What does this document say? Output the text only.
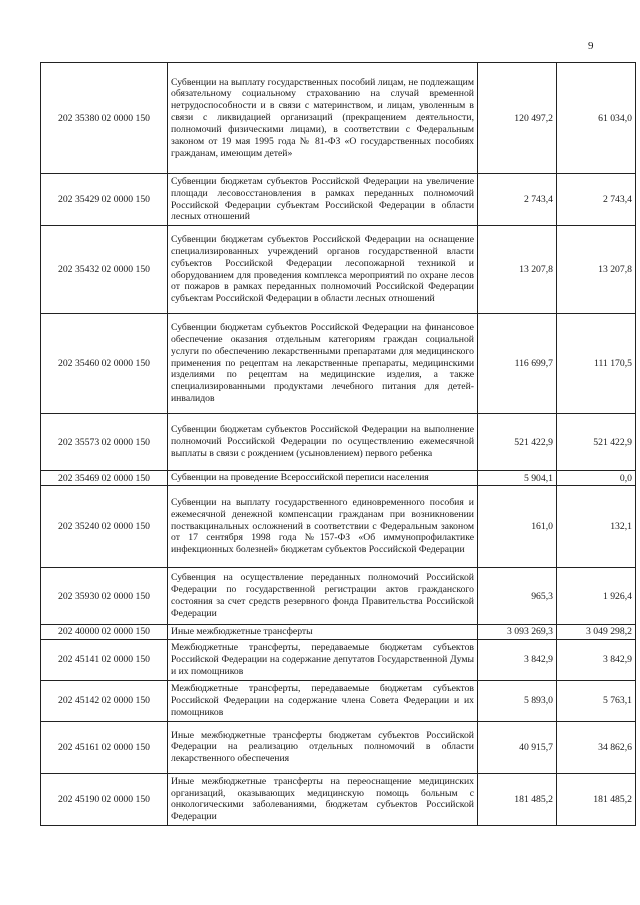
9
202 35380 02 0000 150	Субвенции на выплату государственных пособий лицам, не подлежащим обязательному социальному страхованию на случай временной нетрудоспособности и в связи с материнством, и лицам, уволенным в связи с ликвидацией организаций (прекращением деятельности, полномочий физическими лицами), в соответствии с Федеральным законом от 19 мая 1995 года № 81-ФЗ «О государственных пособиях гражданам, имеющим детей»	120 497,2	61 034,0
202 35429 02 0000 150	Субвенции бюджетам субъектов Российской Федерации на увеличение площади лесовосстановления в рамках переданных полномочий Российской Федерации субъектам Российской Федерации в области лесных отношений	2 743,4	2 743,4
202 35432 02 0000 150	Субвенции бюджетам субъектов Российской Федерации на оснащение специализированных учреждений органов государственной власти субъектов Российской Федерации лесопожарной техникой и оборудованием для проведения комплекса мероприятий по охране лесов от пожаров в рамках переданных полномочий Российской Федерации субъектам Российской Федерации в области лесных отношений	13 207,8	13 207,8
202 35460 02 0000 150	Субвенции бюджетам субъектов Российской Федерации на финансовое обеспечение оказания отдельным категориям граждан социальной услуги по обеспечению лекарственными препаратами для медицинского применения по рецептам на лекарственные препараты, медицинскими изделиями по рецептам на медицинские изделия, а также специализированными продуктами лечебного питания для детей-инвалидов	116 699,7	111 170,5
202 35573 02 0000 150	Субвенции бюджетам субъектов Российской Федерации на выполнение полномочий Российской Федерации по осуществлению ежемесячной выплаты в связи с рождением (усыновлением) первого ребенка	521 422,9	521 422,9
202 35469 02 0000 150	Субвенции на проведение Всероссийской переписи населения	5 904,1	0,0
202 35240 02 0000 150	Субвенции на выплату государственного единовременного пособия и ежемесячной денежной компенсации гражданам при возникновении поствакцинальных осложнений в соответствии с Федеральным законом от 17 сентября 1998 года №157-ФЗ «Об иммунопрофилактике инфекционных болезней» бюджетам субъектов Российской Федерации	161,0	132,1
202 35930 02 0000 150	Субвенция на осуществление переданных полномочий Российской Федерации по государственной регистрации актов гражданского состояния за счет средств резервного фонда Правительства Российской Федерации	965,3	1 926,4
202 40000 02 0000 150	Иные межбюджетные трансферты	3 093 269,3	3 049 298,2
202 45141 02 0000 150	Межбюджетные трансферты, передаваемые бюджетам субъектов Российской Федерации на содержание депутатов Государственной Думы и их помощников	3 842,9	3 842,9
202 45142 02 0000 150	Межбюджетные трансферты, передаваемые бюджетам субъектов Российской Федерации на содержание члена Совета Федерации и их помощников	5 893,0	5 763,1
202 45161 02 0000 150	Иные межбюджетные трансферты бюджетам субъектов Российской Федерации на реализацию отдельных полномочий в области лекарственного обеспечения	40 915,7	34 862,6
202 45190 02 0000 150	Иные межбюджетные трансферты на переоснащение медицинских организаций, оказывающих медицинскую помощь больным с онкологическими заболеваниями, бюджетам субъектов Российской Федерации	181 485,2	181 485,2
